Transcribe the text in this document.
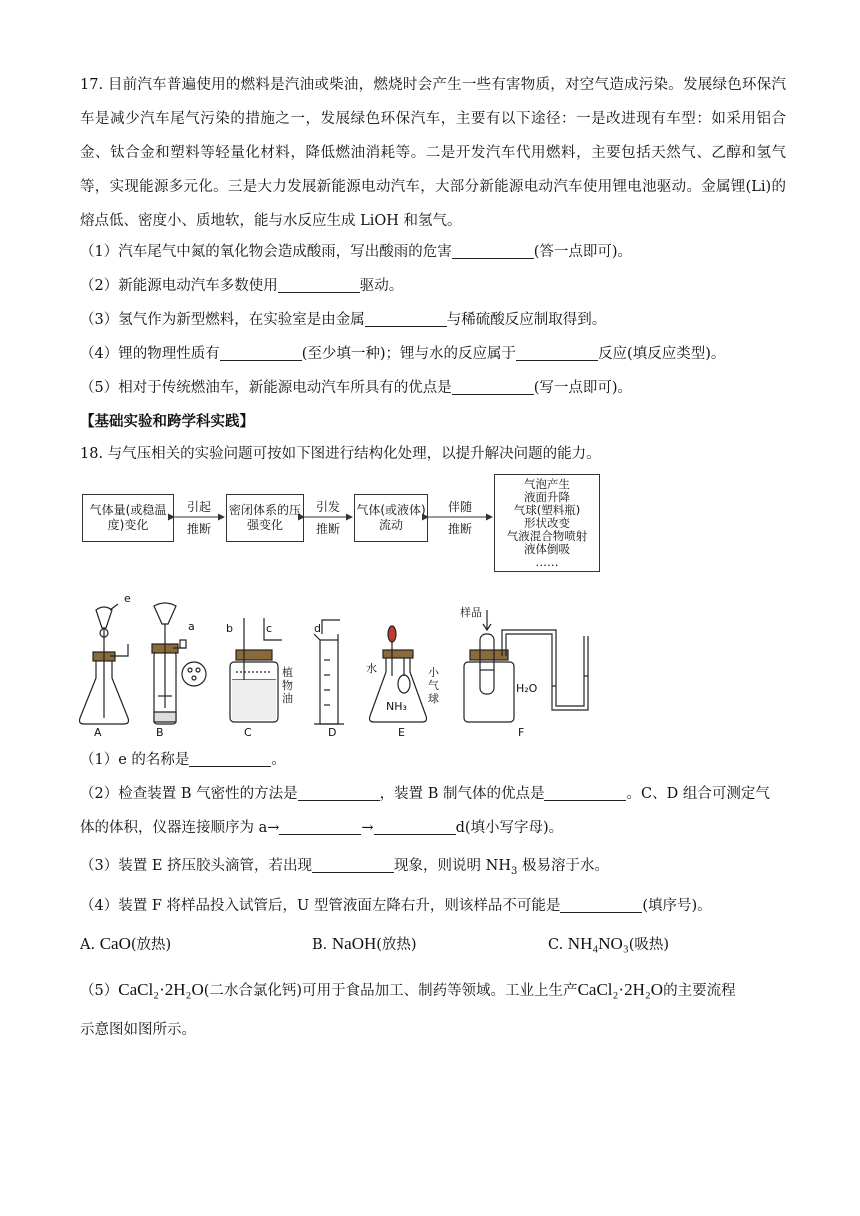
17. 目前汽车普遍使用的燃料是汽油或柴油，燃烧时会产生一些有害物质，对空气造成污染。发展绿色环保汽车是减少汽车尾气污染的措施之一，发展绿色环保汽车，主要有以下途径：一是改进现有车型：如采用铝合金、钛合金和塑料等轻量化材料，降低燃油消耗等。二是开发汽车代用燃料，主要包括天然气、乙醇和氢气等，实现能源多元化。三是大力发展新能源电动汽车，大部分新能源电动汽车使用锂电池驱动。金属锂(Li)的熔点低、密度小、质地软，能与水反应生成 LiOH 和氢气。
（1）汽车尾气中氮的氧化物会造成酸雨，写出酸雨的危害	(答一点即可)。
（2）新能源电动汽车多数使用	驱动。
（3）氢气作为新型燃料，在实验室是由金属	与稀硫酸反应制取得到。
（4）锂的物理性质有	(至少填一种)；锂与水的反应属于	反应(填反应类型)。
（5）相对于传统燃油车，新能源电动汽车所具有的优点是	(写一点即可)。
【基础实验和跨学科实践】
18. 与气压相关的实验问题可按如下图进行结构化处理，以提升解决问题的能力。
气体量(或稳温度)变化
密闭体系的压强变化
气体(或液体)流动
气泡产生
液面升降
气球(塑料瓶)
形状改变
气液混合物喷射
液体倒吸
……
引起
推断
引发
推断
伴随
推断
A	B	C	D	E	F
e
a	b	c	d
植
物
油
水	小
气
球
NH₃
样品
H₂O
（1）e 的名称是	。
（2）检查装置 B 气密性的方法是	，装置 B 制气体的优点是	。C、D 组合可测定气
体的体积，仪器连接顺序为 a→	→	d(填小写字母)。
（3）装置 E 挤压胶头滴管，若出现	现象，则说明 $NH_3$ 极易溶于水。
（4）装置 F 将样品投入试管后，U 型管液面左降右升，则该样品不可能是	(填序号)。
A. CaO(放热)	B. NaOH(放热)	C. NH₄NO₃(吸热)
（5）CaCl₂·2H₂O(二水合氯化钙)可用于食品加工、制药等领域。工业上生产CaCl₂·2H₂O的主要流程
示意图如图所示。
